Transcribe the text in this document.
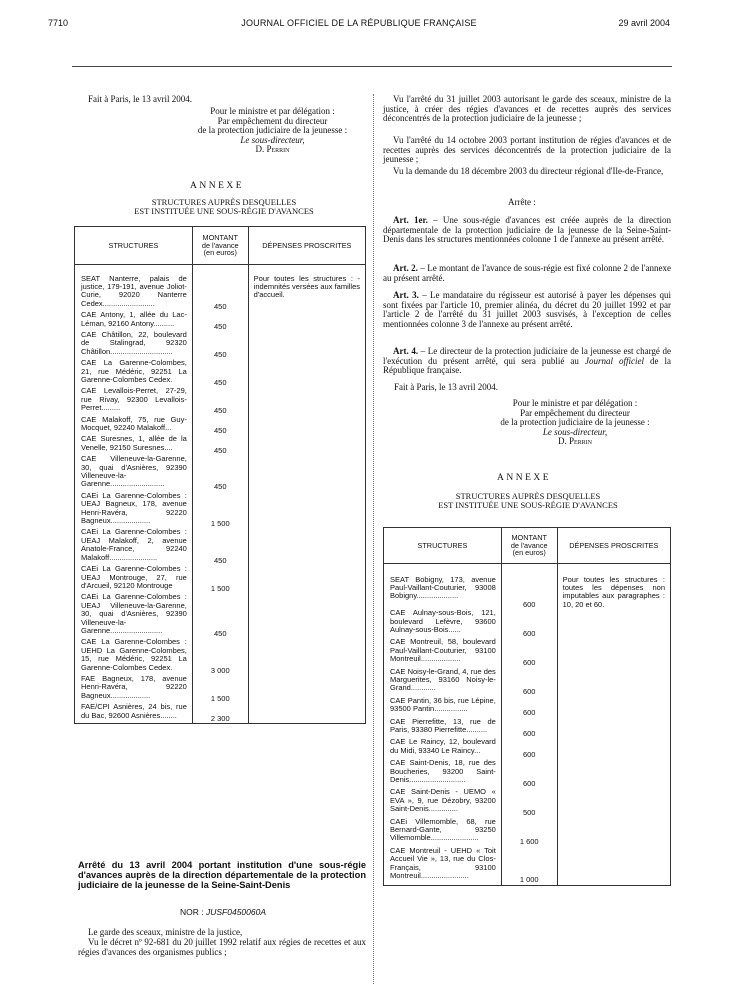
7710	JOURNAL OFFICIEL DE LA RÉPUBLIQUE FRANÇAISE	29 avril 2004
Fait à Paris, le 13 avril 2004.
Pour le ministre et par délégation :
Par empêchement du directeur
de la protection judiciaire de la jeunesse :
Le sous-directeur,
D. Perrin
ANNEXE
STRUCTURES AUPRÈS DESQUELLES
EST INSTITUÉE UNE SOUS-RÉGIE D'AVANCES
STRUCTURES	MONTANT
de l'avance
(en euros)	DÉPENSES PROSCRITES

SEAT Nanterre, palais de justice, 179-191, avenue Joliot-Curie, 92020 Nanterre Cedex.........................	450	Pour toutes les structures : - indemnités versées aux familles d'accueil.
CAE Antony, 1, allée du Lac-Léman, 92160 Antony..........	450	
CAE Châtillon, 22, boulevard de Stalingrad, 92320 Châtillon..............................	450	
CAE La Garenne-Colombes, 21, rue Médéric, 92251 La Garenne-Colombes Cedex.	450	
CAE Levallois-Perret, 27-29, rue Rivay, 92300 Levallois-Perret.........	450	
CAE Malakoff, 75, rue Guy-Mocquet, 92240 Malakoff...	450	
CAE Suresnes, 1, allée de la Venelle, 92150 Suresnes....	450	
CAE Villeneuve-la-Garenne, 30, quai d'Asnières, 92390 Villeneuve-la-Garenne..........................	450	
CAEi La Garenne-Colombes : UEAJ Bagneux, 178, avenue Henri-Ravéra, 92220 Bagneux...................	1 500	
CAEi La Garenne-Colombes : UEAJ Malakoff, 2, avenue Anatole-France, 92240 Malakoff.......................	450	
CAEi La Garenne-Colombes : UEAJ Montrouge, 27, rue d'Arcueil, 92120 Montrouge	1 500	
CAEi La Garenne-Colombes : UEAJ Villeneuve-la-Garenne, 30, quai d'Asnières, 92390 Villeneuve-la-Garenne.........................	450	
CAE La Garenne-Colombes : UEHD La Garenne-Colombes, 15, rue Médéric, 92251 La Garenne-Colombes Cedex.	3 000	
FAE Bagneux, 178, avenue Henri-Ravéra, 92220 Bagneux...................	1 500	
FAE/CPI Asnières, 24 bis, rue du Bac, 92600 Asnières........	2 300	
Arrêté du 13 avril 2004 portant institution d'une sous-régie d'avances auprès de la direction départementale de la protection judiciaire de la jeunesse de la Seine-Saint-Denis
NOR : JUSF0450060A
Le garde des sceaux, ministre de la justice,
Vu le décret nº 92-681 du 20 juillet 1992 relatif aux régies de recettes et aux régies d'avances des organismes publics ;
Vu l'arrêté du 31 juillet 2003 autorisant le garde des sceaux, ministre de la justice, à créer des régies d'avances et de recettes auprès des services déconcentrés de la protection judiciaire de la jeunesse ;
Vu l'arrêté du 14 octobre 2003 portant institution de régies d'avances et de recettes auprès des services déconcentrés de la protection judiciaire de la jeunesse ;
Vu la demande du 18 décembre 2003 du directeur régional d'Ile-de-France,
Arrête :
Art. 1er. – Une sous-régie d'avances est créée auprès de la direction départementale de la protection judiciaire de la jeunesse de la Seine-Saint-Denis dans les structures mentionnées colonne 1 de l'annexe au présent arrêté.
Art. 2. – Le montant de l'avance de sous-régie est fixé colonne 2 de l'annexe au présent arrêté.
Art. 3. – Le mandataire du régisseur est autorisé à payer les dépenses qui sont fixées par l'article 10, premier alinéa, du décret du 20 juillet 1992 et par l'article 2 de l'arrêté du 31 juillet 2003 susvisés, à l'exception de celles mentionnées colonne 3 de l'annexe au présent arrêté.
Art. 4. – Le directeur de la protection judiciaire de la jeunesse est chargé de l'exécution du présent arrêté, qui sera publié au Journal officiel de la République française.
Fait à Paris, le 13 avril 2004.
Pour le ministre et par délégation :
Par empêchement du directeur
de la protection judiciaire de la jeunesse :
Le sous-directeur,
D. Perrin
ANNEXE
STRUCTURES AUPRÈS DESQUELLES
EST INSTITUÉE UNE SOUS-RÉGIE D'AVANCES
STRUCTURES	MONTANT
de l'avance
(en euros)	DÉPENSES PROSCRITES

SEAT Bobigny, 173, avenue Paul-Vaillant-Couturier, 93008 Bobigny....................	600	Pour toutes les structures : toutes les dépenses non imputables aux paragraphes : 10, 20 et 60.
CAE Aulnay-sous-Bois, 121, boulevard Lefèvre, 93600 Aulnay-sous-Bois......	600	
CAE Montreuil, 58, boulevard Paul-Vaillant-Couturier, 93100 Montreuil...................	600	
CAE Noisy-le-Grand, 4, rue des Marguerites, 93160 Noisy-le-Grand............	600	
CAE Pantin, 36 bis, rue Lépine, 93500 Pantin................	600	
CAE Pierrefitte, 13, rue de Paris, 93380 Pierrefitte..........	600	
CAE Le Raincy, 12, boulevard du Midi, 93340 Le Raincy...	600	
CAE Saint-Denis, 18, rue des Boucheries, 93200 Saint-Denis...........................	600	
CAE Saint-Denis - UEMO « EVA », 9, rue Dézobry, 93200 Saint-Denis..............	500	
CAEi Villemomble, 68, rue Bernard-Gante, 93250 Villemomble.......................	1 600	
CAE Montreuil - UEHD « Toit Accueil Vie », 13, rue du Clos-Français, 93100 Montreuil.......................	1 000	
